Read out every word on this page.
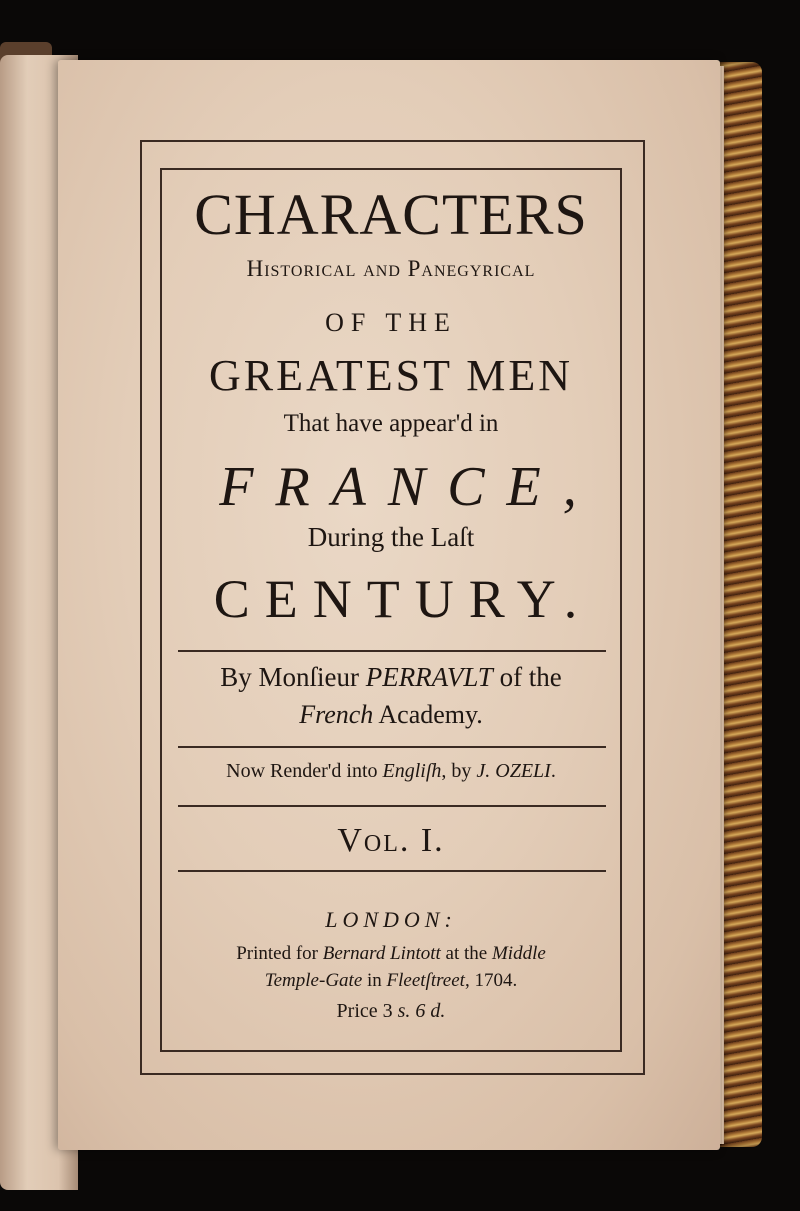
CHARACTERS
Historical and Panegyrical
OF THE
GREATEST MEN
That have appear'd in
FRANCE,
During the Laſt
CENTURY.
By Monſieur PERRAVLT of the
French Academy.
Now Render'd into Engliſh, by J. OZELI.
Vol. I.
LONDON:
Printed for Bernard Lintott at the Middle
Temple-Gate in Fleetſtreet, 1704.
Price 3 s. 6 d.
